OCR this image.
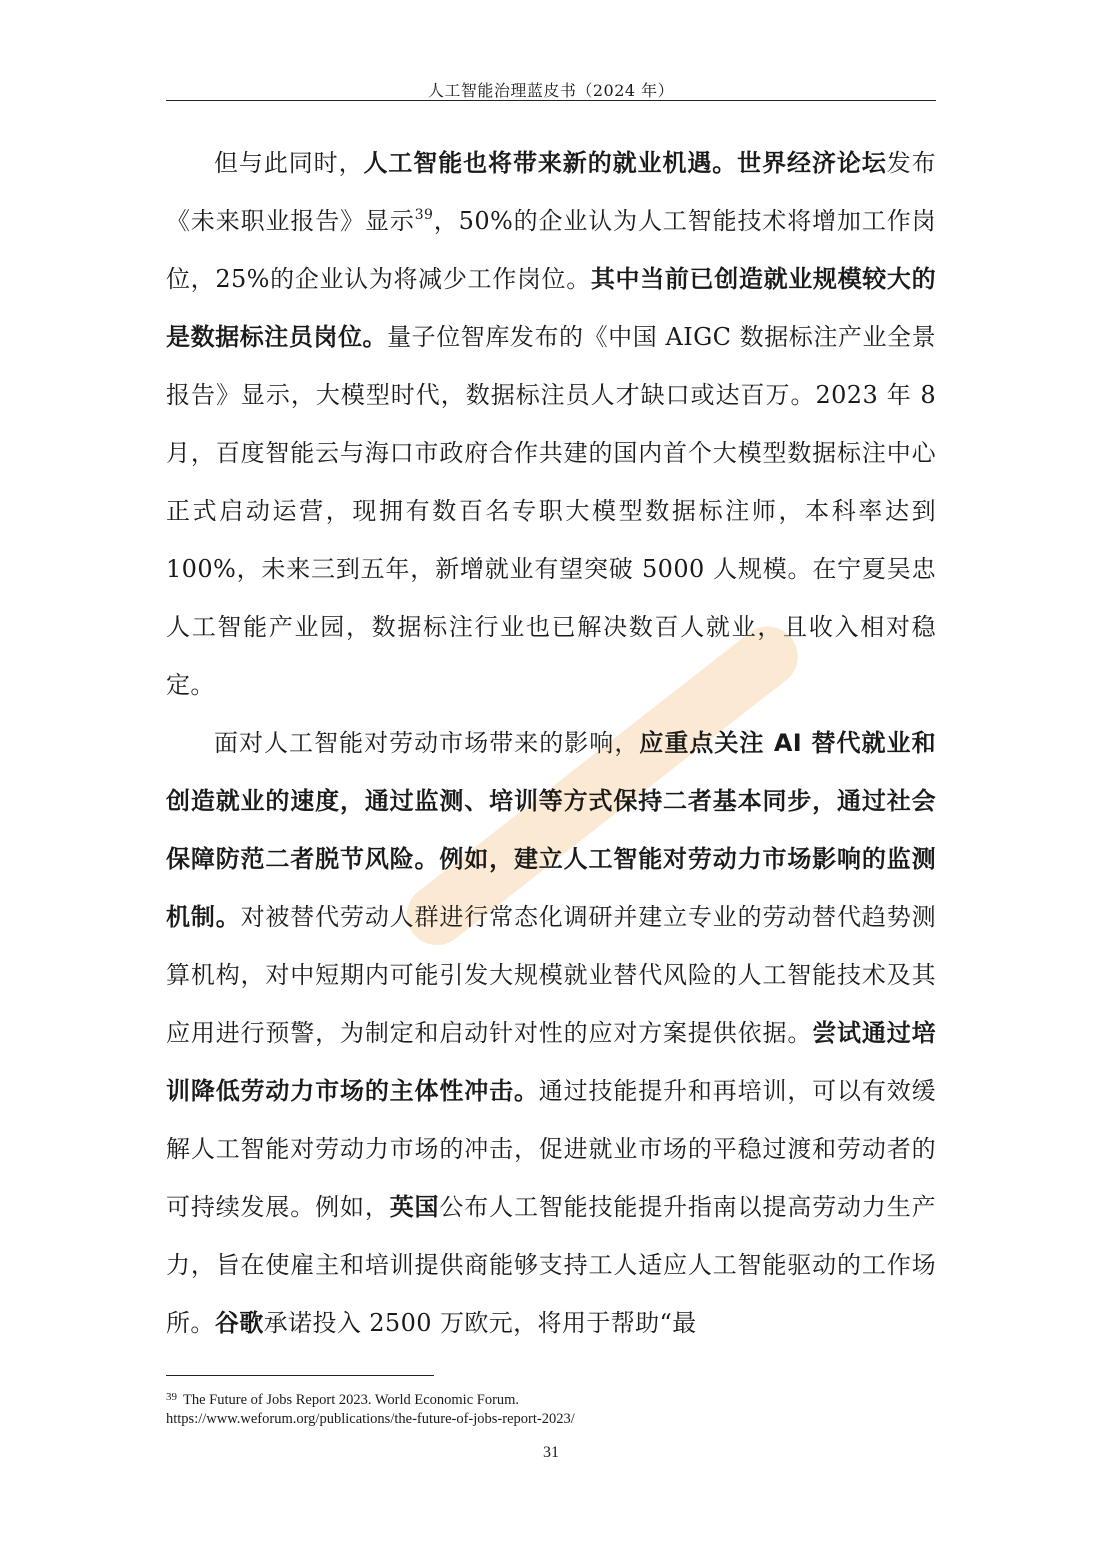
人工智能治理蓝皮书（2024 年）

但与此同时，人工智能也将带来新的就业机遇。世界经济论坛发布《未来职业报告》显示$^{39}$，50%的企业认为人工智能技术将增加工作岗位，25%的企业认为将减少工作岗位。其中当前已创造就业规模较大的是数据标注员岗位。量子位智库发布的《中国 AIGC 数据标注产业全景报告》显示，大模型时代，数据标注员人才缺口或达百万。2023 年 8 月，百度智能云与海口市政府合作共建的国内首个大模型数据标注中心正式启动运营，现拥有数百名专职大模型数据标注师，本科率达到 100%，未来三到五年，新增就业有望突破 5000 人规模。在宁夏吴忠人工智能产业园，数据标注行业也已解决数百人就业，且收入相对稳定。

面对人工智能对劳动市场带来的影响，应重点关注 AI 替代就业和创造就业的速度，通过监测、培训等方式保持二者基本同步，通过社会保障防范二者脱节风险。例如，建立人工智能对劳动力市场影响的监测机制。对被替代劳动人群进行常态化调研并建立专业的劳动替代趋势测算机构，对中短期内可能引发大规模就业替代风险的人工智能技术及其应用进行预警，为制定和启动针对性的应对方案提供依据。尝试通过培训降低劳动力市场的主体性冲击。通过技能提升和再培训，可以有效缓解人工智能对劳动力市场的冲击，促进就业市场的平稳过渡和劳动者的可持续发展。例如，英国公布人工智能技能提升指南以提高劳动力生产力，旨在使雇主和培训提供商能够支持工人适应人工智能驱动的工作场所。谷歌承诺投入 2500 万欧元，将用于帮助“最

$^{39}$ The Future of Jobs Report 2023. World Economic Forum.
https://www.weforum.org/publications/the-future-of-jobs-report-2023/
31
